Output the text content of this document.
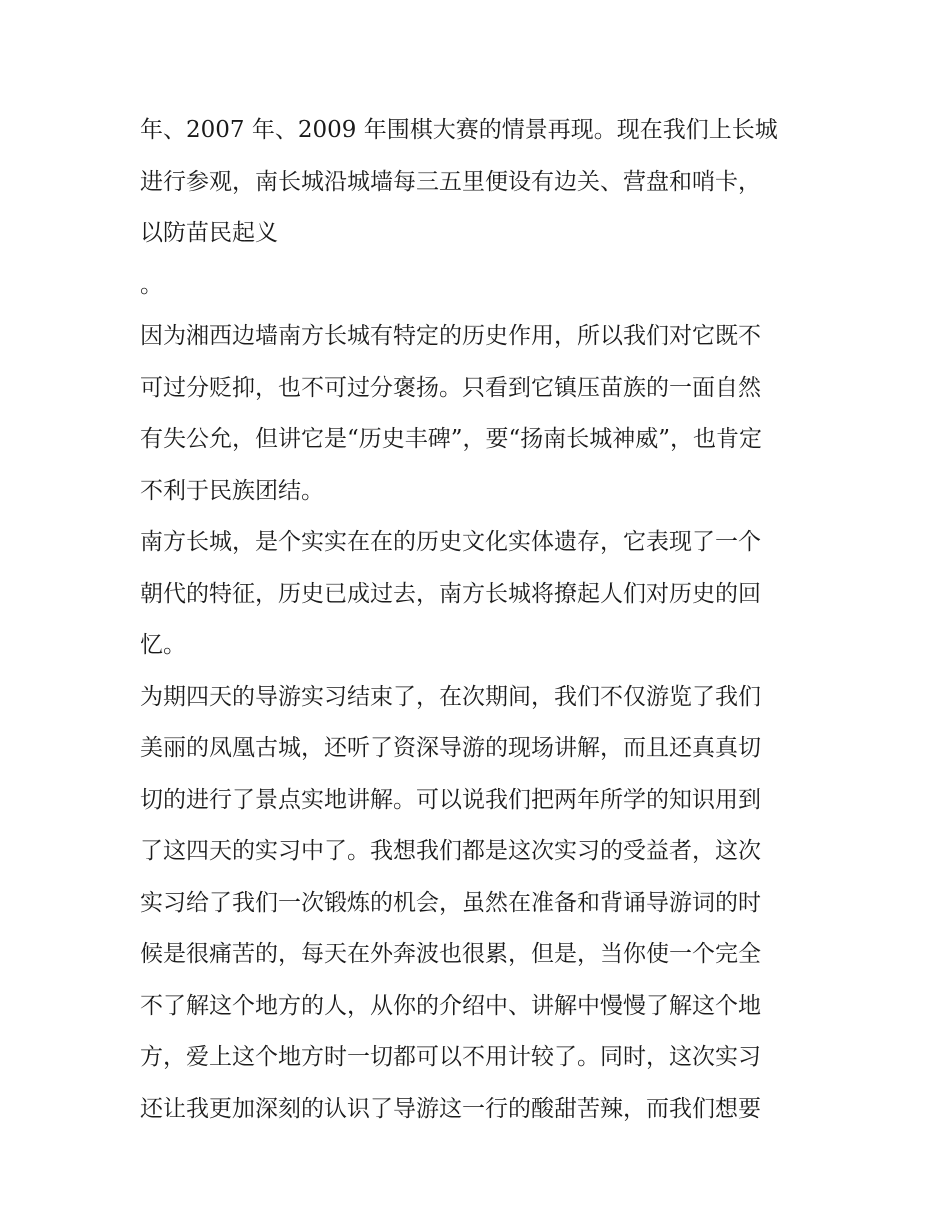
年、2007 年、2009 年围棋大赛的情景再现。现在我们上长城
进行参观，南长城沿城墙每三五里便设有边关、营盘和哨卡，
以防苗民起义
。
因为湘西边墙南方长城有特定的历史作用，所以我们对它既不
可过分贬抑，也不可过分褒扬。只看到它镇压苗族的一面自然
有失公允，但讲它是“历史丰碑”，要“扬南长城神威”，也肯定
不利于民族团结。
南方长城，是个实实在在的历史文化实体遗存，它表现了一个
朝代的特征，历史已成过去，南方长城将撩起人们对历史的回
忆。
为期四天的导游实习结束了，在次期间，我们不仅游览了我们
美丽的凤凰古城，还听了资深导游的现场讲解，而且还真真切
切的进行了景点实地讲解。可以说我们把两年所学的知识用到
了这四天的实习中了。我想我们都是这次实习的受益者，这次
实习给了我们一次锻炼的机会，虽然在准备和背诵导游词的时
候是很痛苦的，每天在外奔波也很累，但是，当你使一个完全
不了解这个地方的人，从你的介绍中、讲解中慢慢了解这个地
方，爱上这个地方时一切都可以不用计较了。同时，这次实习
还让我更加深刻的认识了导游这一行的酸甜苦辣，而我们想要
